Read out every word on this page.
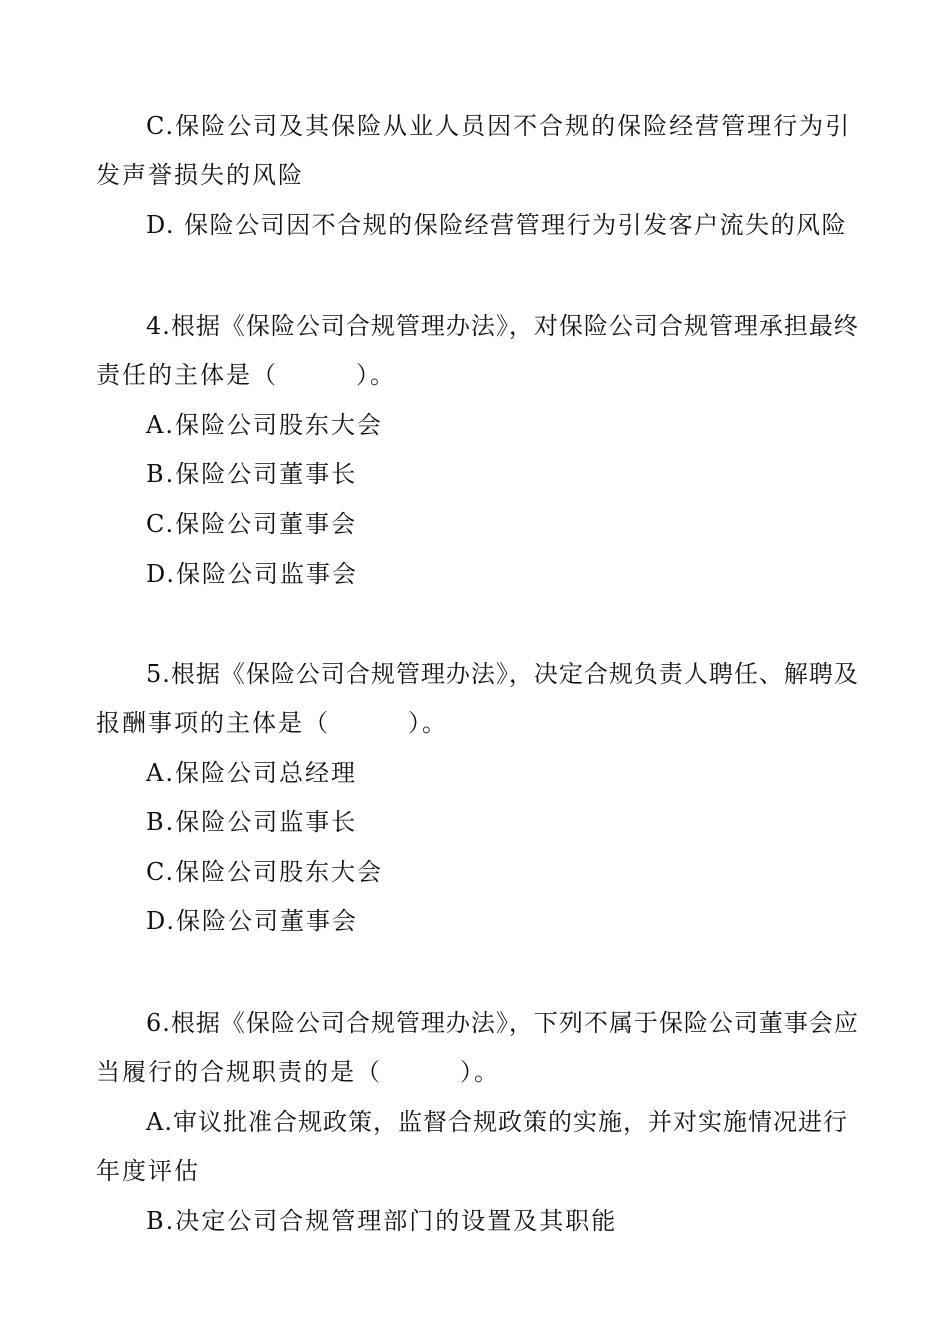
C.保险公司及其保险从业人员因不合规的保险经营管理行为引
发声誉损失的风险
D. 保险公司因不合规的保险经营管理行为引发客户流失的风险
4.根据《保险公司合规管理办法》，对保险公司合规管理承担最终
责任的主体是（　　　）。
A.保险公司股东大会
B.保险公司董事长
C.保险公司董事会
D.保险公司监事会
5.根据《保险公司合规管理办法》，决定合规负责人聘任、解聘及
报酬事项的主体是（　　　）。
A.保险公司总经理
B.保险公司监事长
C.保险公司股东大会
D.保险公司董事会
6.根据《保险公司合规管理办法》，下列不属于保险公司董事会应
当履行的合规职责的是（　　　）。
A.审议批准合规政策，监督合规政策的实施，并对实施情况进行
年度评估
B.决定公司合规管理部门的设置及其职能
